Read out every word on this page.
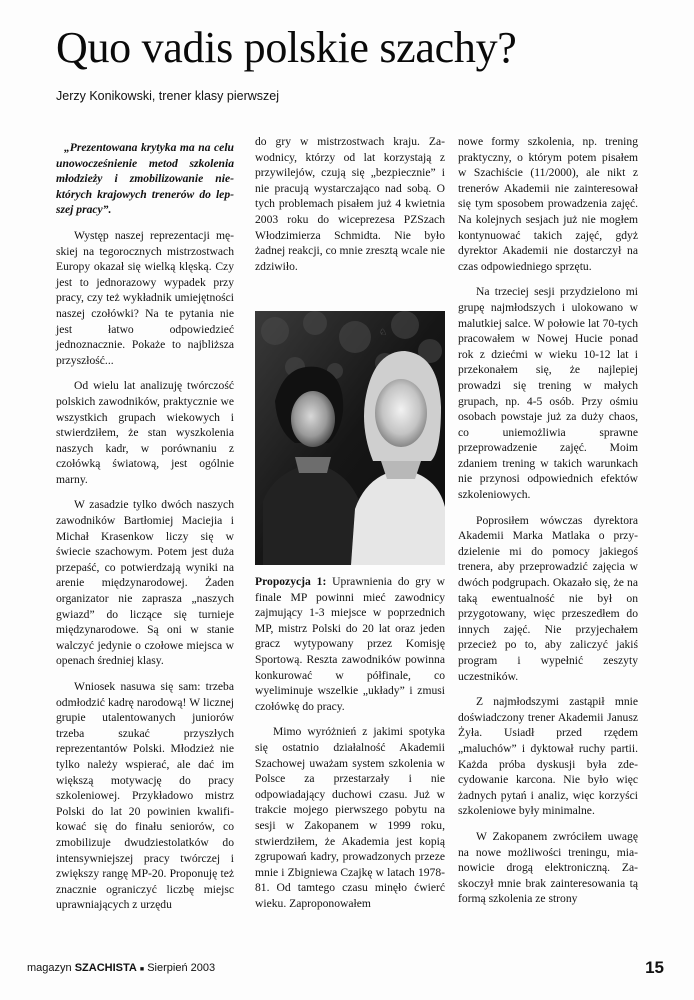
Quo vadis polskie szachy?
Jerzy Konikowski, trener klasy pierwszej

„Prezentowana krytyka ma na celu unowocześnienie metod szkolenia młodzieży i zmobilizowanie niektórych krajowych trenerów do lepszej pracy”.

Występ naszej reprezentacji męskiej na tegorocznych mistrzostwach Europy okazał się wielką klęską. Czy jest to jednorazowy wypadek przy pracy, czy też wykładnik umiejętności naszej czołówki? Na te pytania nie jest łatwo odpowiedzieć jednoznacznie. Pokaże to najbliższa przyszłość...

Od wielu lat analizuję twórczość polskich zawodników, praktycznie we wszystkich grupach wiekowych i stwierdziłem, że stan wyszkolenia naszych kadr, w porównaniu z czołówką światową, jest ogólnie marny.

W zasadzie tylko dwóch naszych zawodników Bartłomiej Maciejia i Michał Krasenkow liczy się w świecie szachowym. Potem jest duża przepaść, co potwierdzają wyniki na arenie międzynarodowej. Żaden organizator nie zaprasza „naszych gwiazd” do liczące się turnieje międzynarodowe. Są oni w stanie walczyć jedynie o czołowe miejsca w openach średniej klasy.

Wniosek nasuwa się sam: trzeba odmłodzić kadrę narodową! W licznej grupie utalentowanych juniorów trzeba szukać przyszłych reprezentantów Polski. Młodzież nie tylko należy wspierać, ale dać im większą motywację do pracy szkoleniowej. Przykładowo mistrz Polski do lat 20 powinien kwalifikować się do finału seniorów, co zmobilizuje dwudziestolatków do intensywniejszej pracy twórczej i zwiększy rangę MP-20. Proponuję też znacznie ograniczyć liczbę miejsc uprawniających z urzędu

do gry w mistrzostwach kraju. Zawodnicy, którzy od lat korzystają z przywilejów, czują się „bezpiecznie” i nie pracują wystarczająco nad sobą. O tych problemach pisałem już 4 kwietnia 2003 roku do wiceprezesa PZSzach Włodzimierza Schmidta. Nie było żadnej reakcji, co mnie zresztą wcale nie zdziwiło.

♘

Propozycja 1: Uprawnienia do gry w finale MP powinni mieć zawodnicy zajmujący 1-3 miejsce w poprzednich MP, mistrz Polski do 20 lat oraz jeden gracz wytypowany przez Komisję Sportową. Reszta zawodników powinna konkurować w półfinale, co wyeliminuje wszelkie „układy” i zmusi czołówkę do pracy.

Mimo wyróżnień z jakimi spotyka się ostatnio działalność Akademii Szachowej uważam system szkolenia w Polsce za przestarzały i nie odpowiadający duchowi czasu. Już w trakcie mojego pierwszego pobytu na sesji w Zakopanem w 1999 roku, stwierdziłem, że Akademia jest kopią zgrupowań kadry, prowadzonych przeze mnie i Zbigniewa Czajkę w latach 1978-81. Od tamtego czasu minęło ćwierć wieku. Zaproponowałem

nowe formy szkolenia, np. trening praktyczny, o którym potem pisałem w Szachiście (11/2000), ale nikt z trenerów Akademii nie zainteresował się tym sposobem prowadzenia zajęć. Na kolejnych sesjach już nie mogłem kontynuować takich zajęć, gdyż dyrektor Akademii nie dostarczył na czas odpowiedniego sprzętu.

Na trzeciej sesji przydzielono mi grupę najmłodszych i ulokowano w malutkiej salce. W połowie lat 70-tych pracowałem w Nowej Hucie ponad rok z dziećmi w wieku 10-12 lat i przekonałem się, że najlepiej prowadzi się trening w małych grupach, np. 4-5 osób. Przy ośmiu osobach powstaje już za duży chaos, co uniemożliwia sprawne przeprowadzenie zajęć. Moim zdaniem trening w takich warunkach nie przynosi odpowiednich efektów szkoleniowych.

Poprosiłem wówczas dyrektora Akademii Marka Matlaka o przydzielenie mi do pomocy jakiegoś trenera, aby przeprowadzić zajęcia w dwóch podgrupach. Okazało się, że na taką ewentualność nie był on przygotowany, więc przeszedłem do innych zajęć. Nie przyjechałem przecież po to, aby zaliczyć jakiś program i wypełnić zeszyty uczestników.

Z najmłodszymi zastąpił mnie doświadczony trener Akademii Janusz Żyła. Usiadł przed rzędem „maluchów” i dyktował ruchy partii. Każda próba dyskusji była zdecydowanie karcona. Nie było więc żadnych pytań i analiz, więc korzyści szkoleniowe były minimalne.

W Zakopanem zwróciłem uwagę na nowe możliwości treningu, mianowicie drogą elektroniczną. Zaskoczył mnie brak zainteresowania tą formą szkolenia ze strony

magazyn SZACHISTA ■ Sierpień 2003	15
